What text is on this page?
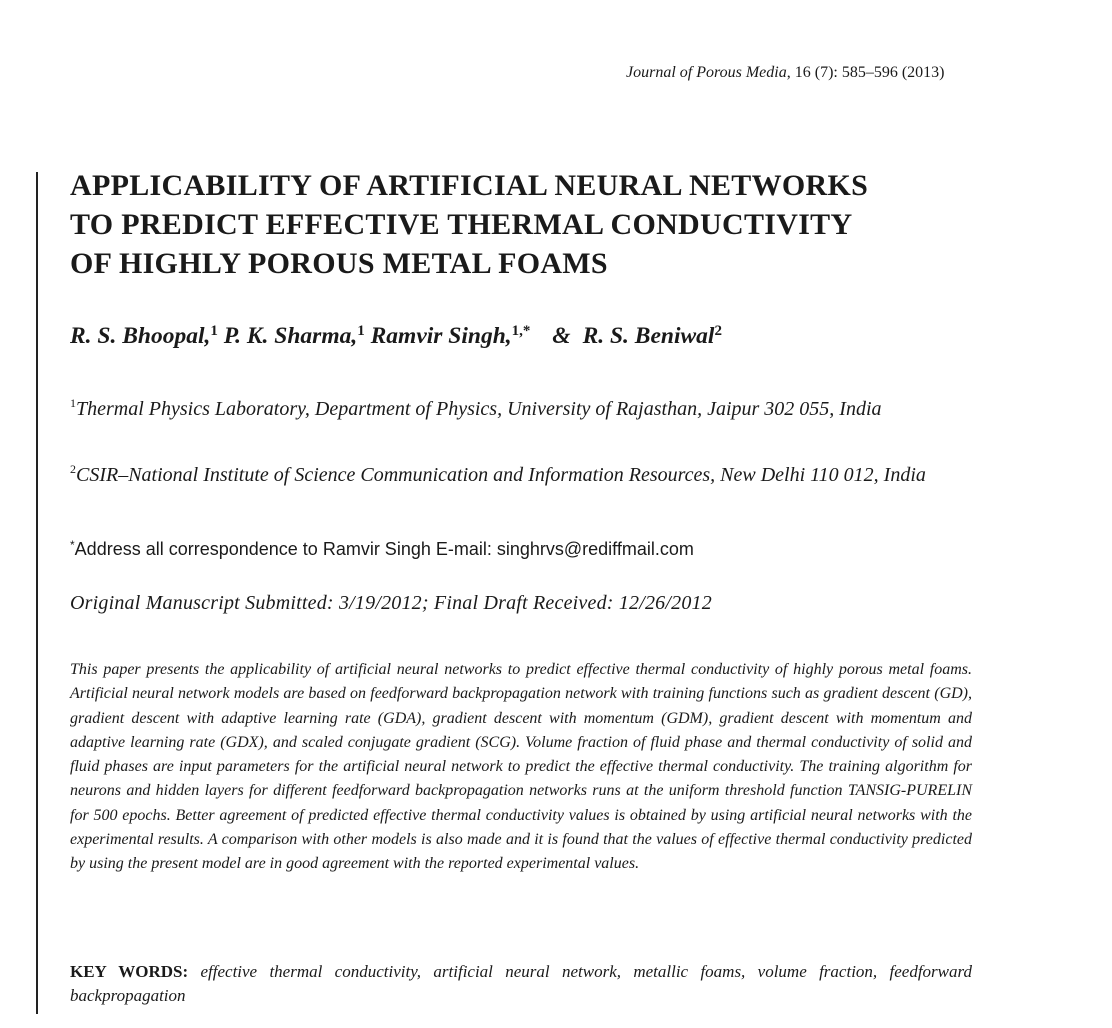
Journal of Porous Media, 16 (7): 585–596 (2013)
APPLICABILITY OF ARTIFICIAL NEURAL NETWORKS
TO PREDICT EFFECTIVE THERMAL CONDUCTIVITY
OF HIGHLY POROUS METAL FOAMS
R. S. Bhoopal,$^1$ P. K. Sharma,$^1$ Ramvir Singh,$^{1,*}$ & R. S. Beniwal$^2$
$^1$Thermal Physics Laboratory, Department of Physics, University of Rajasthan, Jaipur 302 055, India
$^2$CSIR–National Institute of Science Communication and Information Resources, New Delhi 110 012, India
*Address all correspondence to Ramvir Singh E-mail: singhrvs@rediffmail.com
Original Manuscript Submitted: 3/19/2012; Final Draft Received: 12/26/2012
This paper presents the applicability of artificial neural networks to predict effective thermal conductivity of highly porous metal foams. Artificial neural network models are based on feedforward backpropagation network with training functions such as gradient descent (GD), gradient descent with adaptive learning rate (GDA), gradient descent with momentum (GDM), gradient descent with momentum and adaptive learning rate (GDX), and scaled conjugate gradient (SCG). Volume fraction of fluid phase and thermal conductivity of solid and fluid phases are input parameters for the artificial neural network to predict the effective thermal conductivity. The training algorithm for neurons and hidden layers for different feedforward backpropagation networks runs at the uniform threshold function TANSIG-PURELIN for 500 epochs. Better agreement of predicted effective thermal conductivity values is obtained by using artificial neural networks with the experimental results. A comparison with other models is also made and it is found that the values of effective thermal conductivity predicted by using the present model are in good agreement with the reported experimental values.
KEY WORDS: effective thermal conductivity, artificial neural network, metallic foams, volume fraction, feedforward backpropagation
